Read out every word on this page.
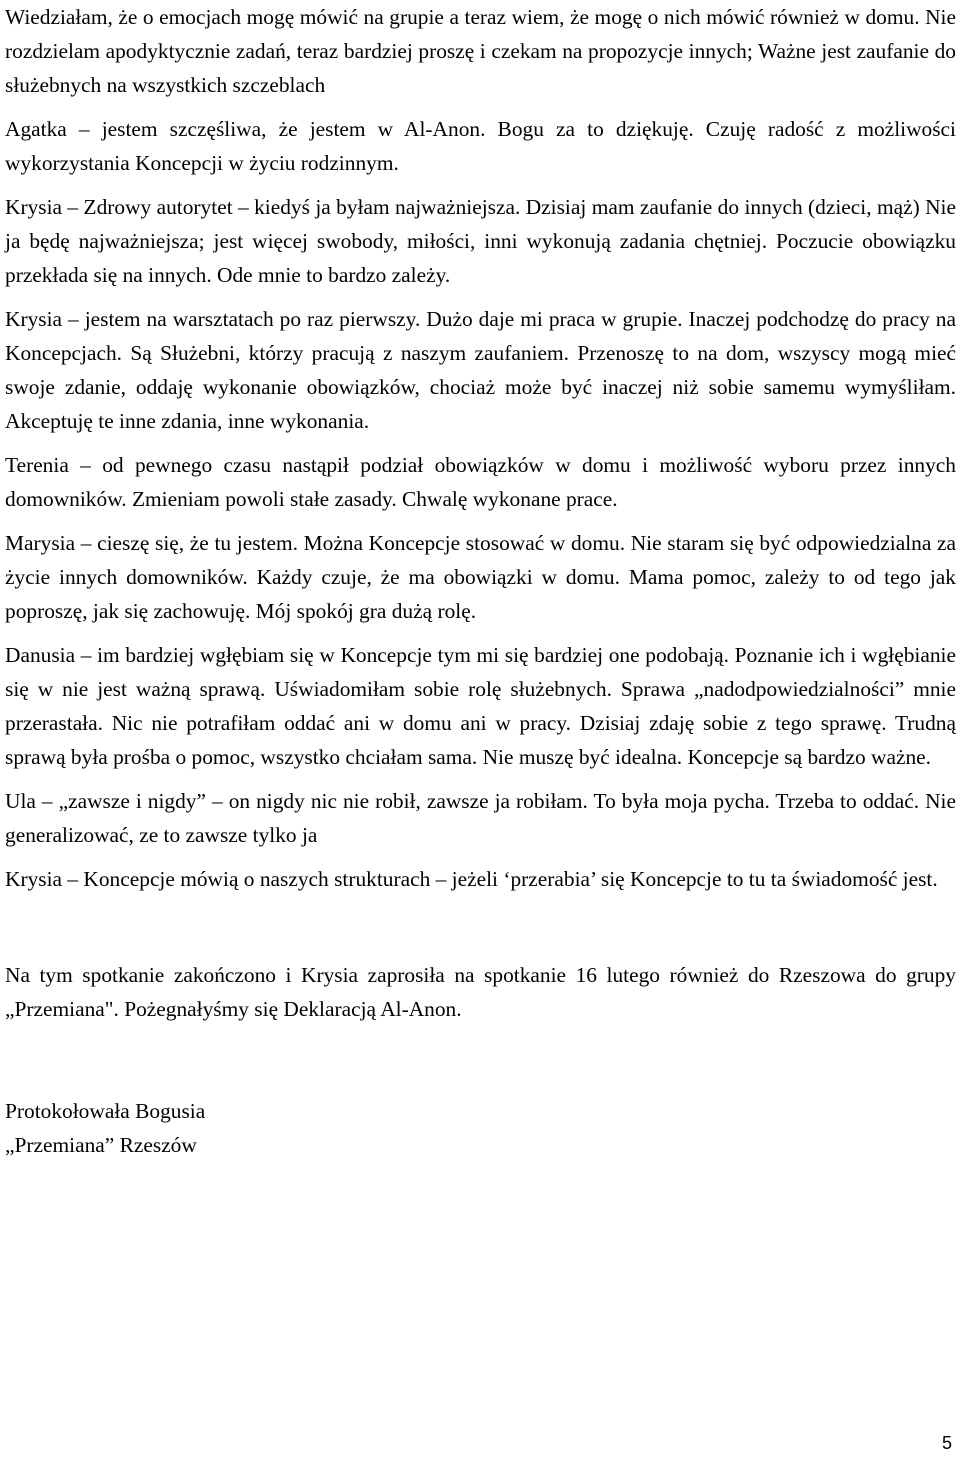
Wiedziałam, że o emocjach mogę mówić na grupie a teraz wiem, że mogę o nich mówić również w domu. Nie rozdzielam apodyktycznie zadań, teraz bardziej proszę i czekam na propozycje innych; Ważne jest zaufanie do służebnych na wszystkich szczeblach

Agatka – jestem szczęśliwa, że jestem w Al-Anon. Bogu za to dziękuję. Czuję radość z możliwości wykorzystania Koncepcji w życiu rodzinnym.

Krysia – Zdrowy autorytet – kiedyś ja byłam najważniejsza. Dzisiaj mam zaufanie do innych (dzieci, mąż) Nie ja będę najważniejsza; jest więcej swobody, miłości, inni wykonują zadania chętniej. Poczucie obowiązku przekłada się na innych. Ode mnie to bardzo zależy.

Krysia – jestem na warsztatach po raz pierwszy. Dużo daje mi praca w grupie. Inaczej podchodzę do pracy na Koncepcjach. Są Służebni, którzy pracują z naszym zaufaniem. Przenoszę to na dom, wszyscy mogą mieć swoje zdanie, oddaję wykonanie obowiązków, chociaż może być inaczej niż sobie samemu wymyśliłam. Akceptuję te inne zdania, inne wykonania.

Terenia – od pewnego czasu nastąpił podział obowiązków w domu i możliwość wyboru przez innych domowników. Zmieniam powoli stałe zasady. Chwalę wykonane prace.

Marysia – cieszę się, że tu jestem. Można Koncepcje stosować w domu. Nie staram się być odpowiedzialna za życie innych domowników. Każdy czuje, że ma obowiązki w domu. Mama pomoc, zależy to od tego jak poproszę, jak się zachowuję. Mój spokój gra dużą rolę.

Danusia – im bardziej wgłębiam się w Koncepcje tym mi się bardziej one podobają. Poznanie ich i wgłębianie się w nie jest ważną sprawą. Uświadomiłam sobie rolę służebnych. Sprawa „nadodpowiedzialności” mnie przerastała. Nic nie potrafiłam oddać ani w domu ani w pracy. Dzisiaj zdaję sobie z tego sprawę. Trudną sprawą była prośba o pomoc, wszystko chciałam sama. Nie muszę być idealna. Koncepcje są bardzo ważne.

Ula – „zawsze i nigdy” – on nigdy nic nie robił, zawsze ja robiłam. To była moja pycha. Trzeba to oddać. Nie generalizować, ze to zawsze tylko ja

Krysia – Koncepcje mówią o naszych strukturach – jeżeli ‘przerabia’ się Koncepcje to tu ta świadomość jest.

Na tym spotkanie zakończono i Krysia zaprosiła na spotkanie 16 lutego również do Rzeszowa do grupy „Przemiana". Pożegnałyśmy się Deklaracją Al-Anon.

Protokołowała Bogusia

„Przemiana” Rzeszów

5
